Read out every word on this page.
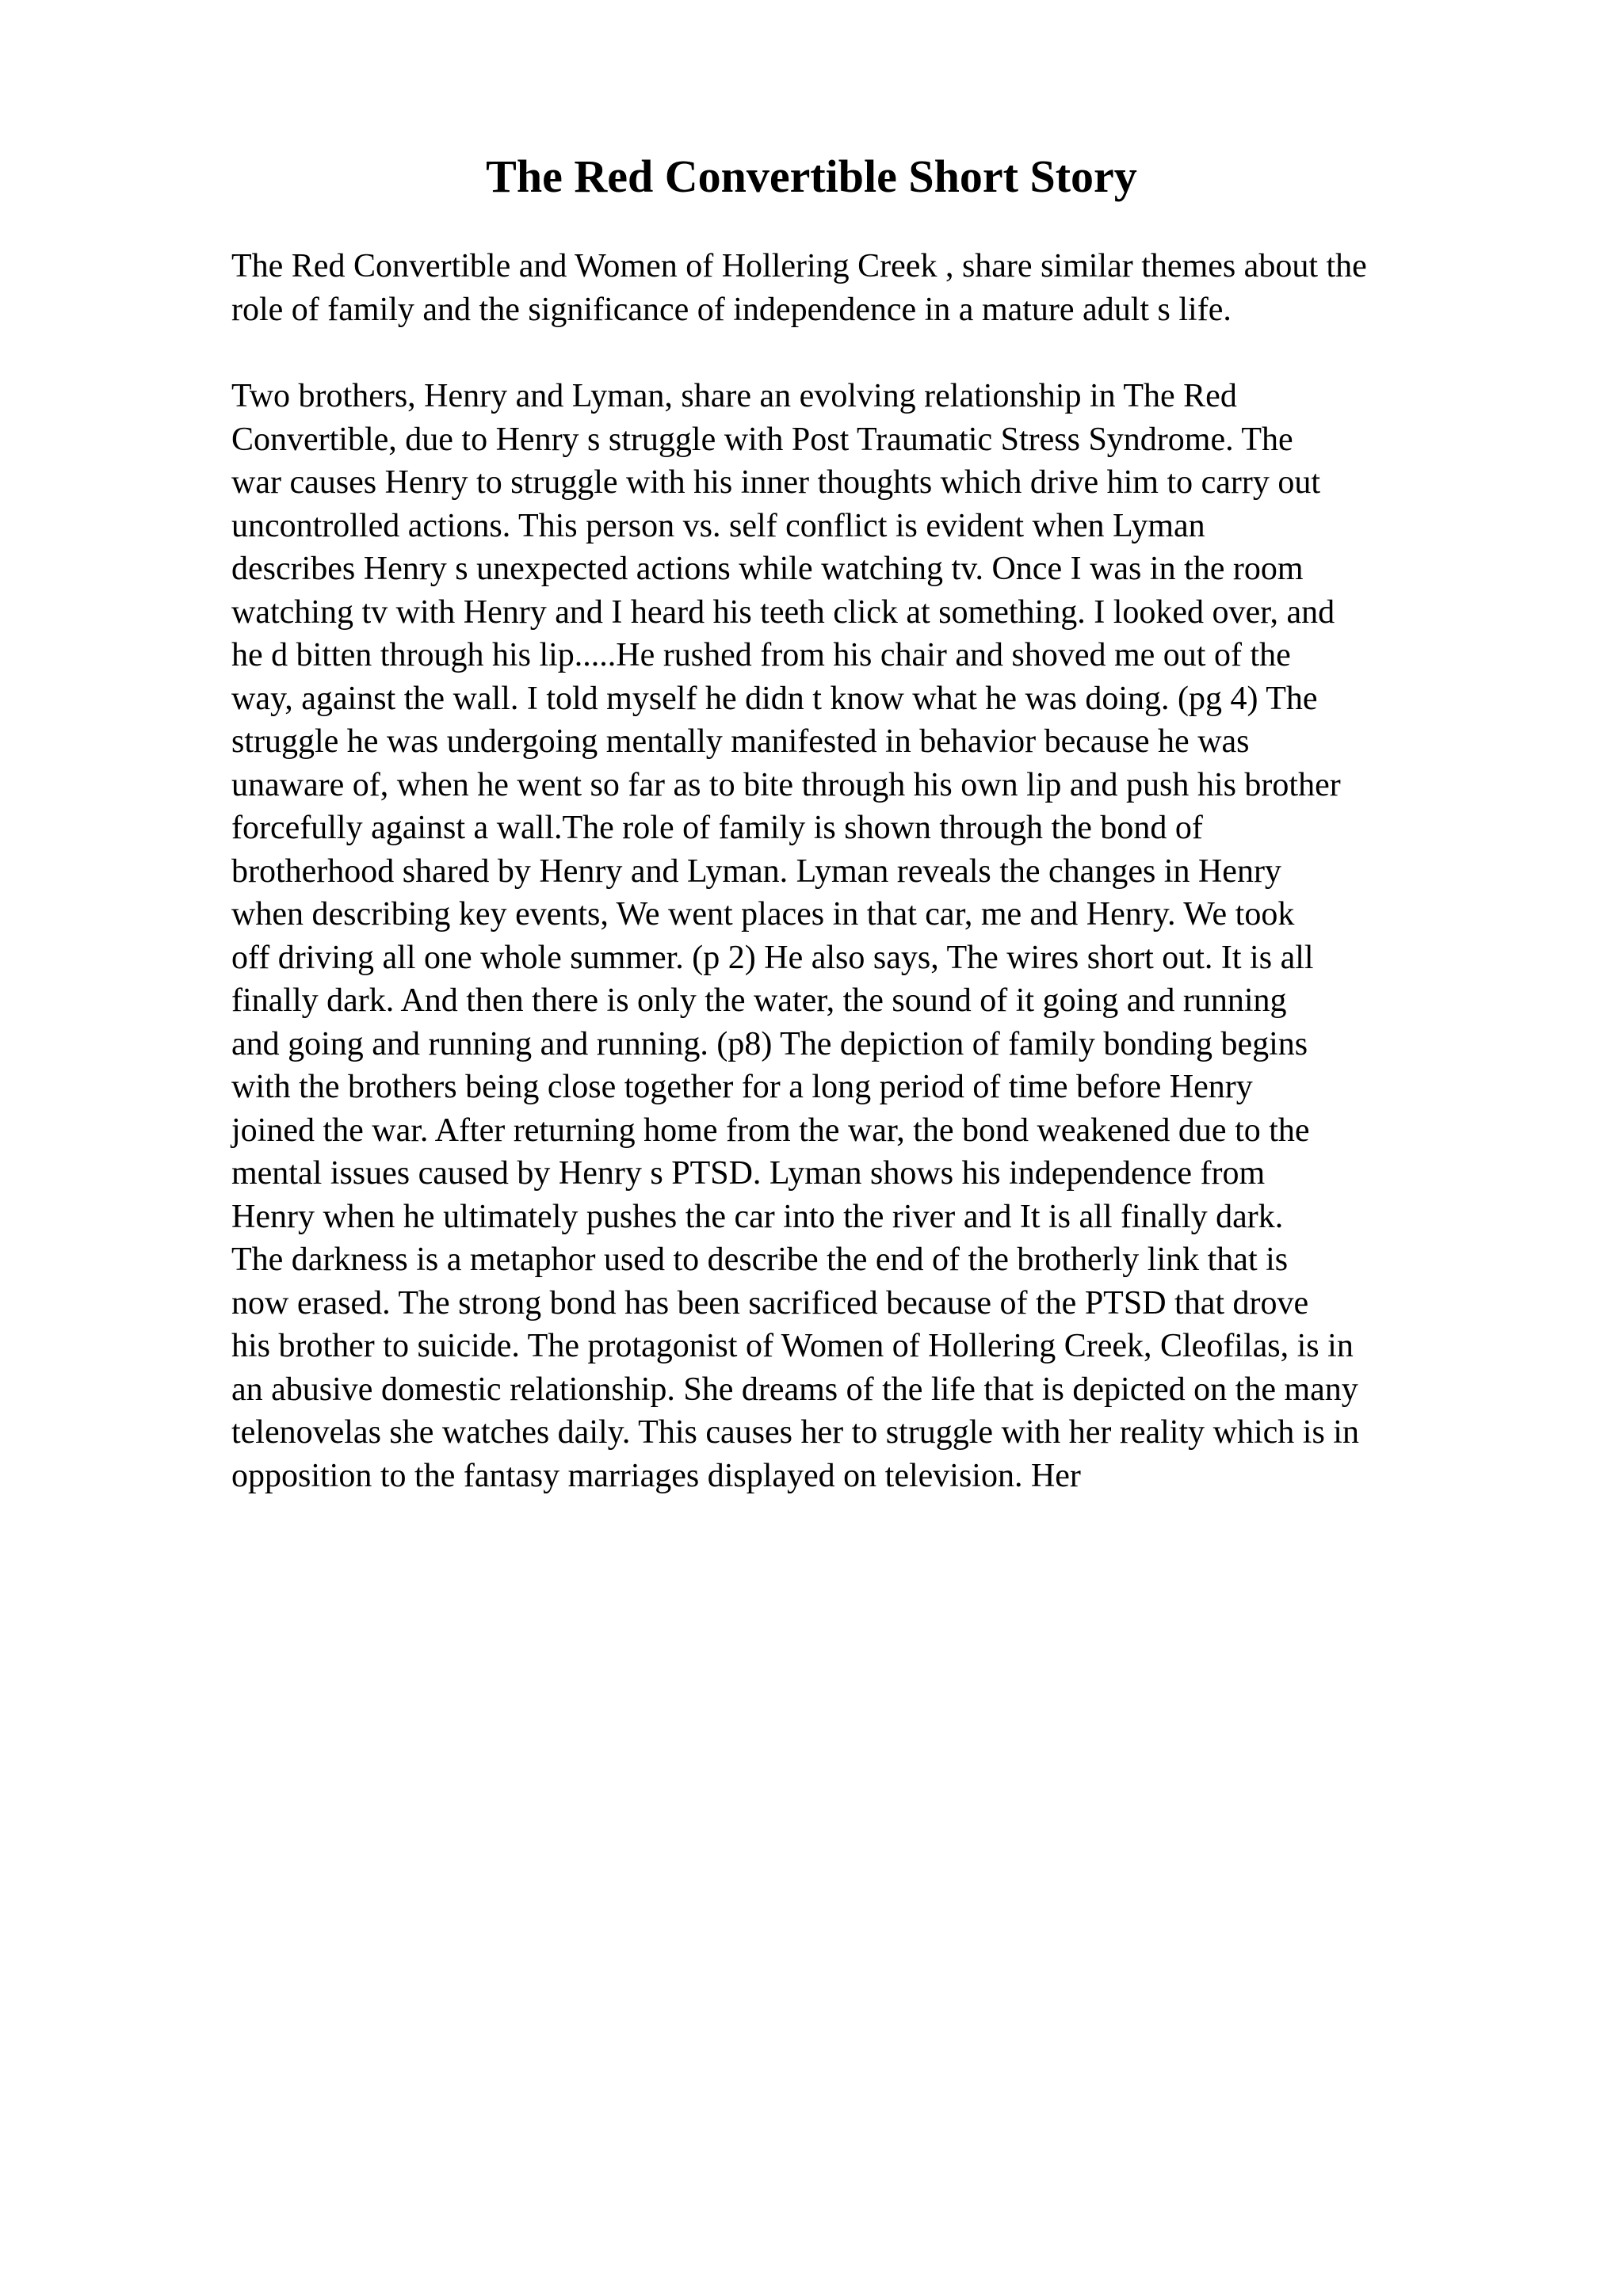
The Red Convertible Short Story

The Red Convertible and Women of Hollering Creek , share similar themes about the
role of family and the significance of independence in a mature adult s life.

Two brothers, Henry and Lyman, share an evolving relationship in The Red
Convertible, due to Henry s struggle with Post Traumatic Stress Syndrome. The
war causes Henry to struggle with his inner thoughts which drive him to carry out
uncontrolled actions. This person vs. self conflict is evident when Lyman
describes Henry s unexpected actions while watching tv. Once I was in the room
watching tv with Henry and I heard his teeth click at something. I looked over, and
he d bitten through his lip.....He rushed from his chair and shoved me out of the
way, against the wall. I told myself he didn t know what he was doing. (pg 4) The
struggle he was undergoing mentally manifested in behavior because he was
unaware of, when he went so far as to bite through his own lip and push his brother
forcefully against a wall.The role of family is shown through the bond of
brotherhood shared by Henry and Lyman. Lyman reveals the changes in Henry
when describing key events, We went places in that car, me and Henry. We took
off driving all one whole summer. (p 2) He also says, The wires short out. It is all
finally dark. And then there is only the water, the sound of it going and running
and going and running and running. (p8) The depiction of family bonding begins
with the brothers being close together for a long period of time before Henry
joined the war. After returning home from the war, the bond weakened due to the
mental issues caused by Henry s PTSD. Lyman shows his independence from
Henry when he ultimately pushes the car into the river and It is all finally dark.
The darkness is a metaphor used to describe the end of the brotherly link that is
now erased. The strong bond has been sacrificed because of the PTSD that drove
his brother to suicide. The protagonist of Women of Hollering Creek, Cleofilas, is in
an abusive domestic relationship. She dreams of the life that is depicted on the many
telenovelas she watches daily. This causes her to struggle with her reality which is in
opposition to the fantasy marriages displayed on television. Her
